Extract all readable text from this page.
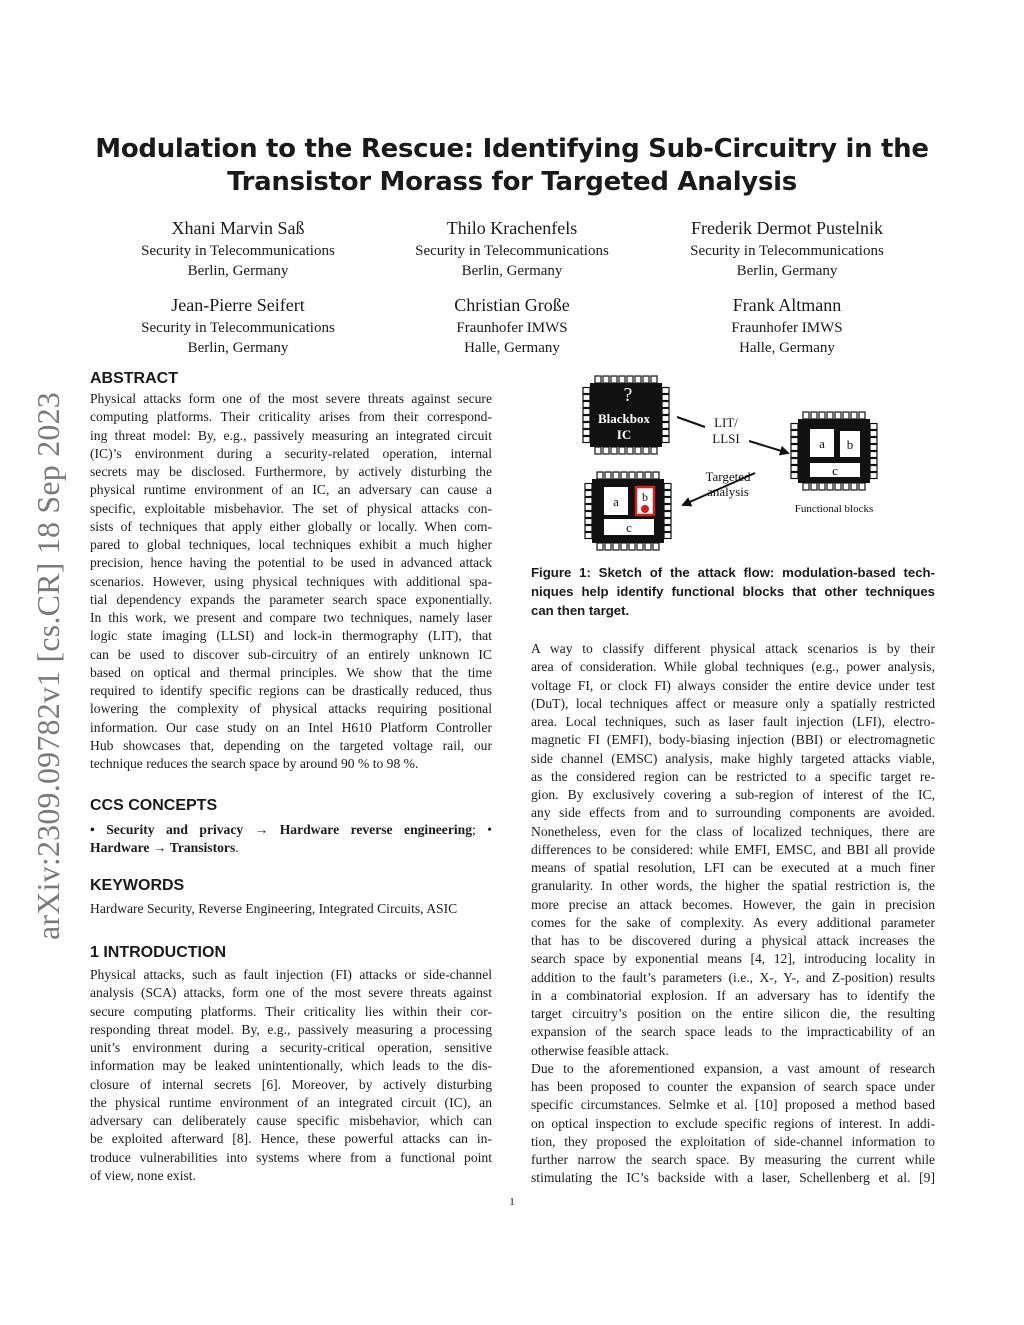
Modulation to the Rescue: Identifying Sub-Circuitry in the
Transistor Morass for Targeted Analysis
Xhani Marvin Saß
Security in Telecommunications
Berlin, Germany
Thilo Krachenfels
Security in Telecommunications
Berlin, Germany
Frederik Dermot Pustelnik
Security in Telecommunications
Berlin, Germany
Jean-Pierre Seifert
Security in Telecommunications
Berlin, Germany
Christian Große
Fraunhofer IMWS
Halle, Germany
Frank Altmann
Fraunhofer IMWS
Halle, Germany
arXiv:2309.09782v1 [cs.CR] 18 Sep 2023
ABSTRACT
Physical attacks form one of the most severe threats against secure
computing platforms. Their criticality arises from their correspond-
ing threat model: By, e.g., passively measuring an integrated circuit
(IC)’s environment during a security-related operation, internal
secrets may be disclosed. Furthermore, by actively disturbing the
physical runtime environment of an IC, an adversary can cause a
specific, exploitable misbehavior. The set of physical attacks con-
sists of techniques that apply either globally or locally. When com-
pared to global techniques, local techniques exhibit a much higher
precision, hence having the potential to be used in advanced attack
scenarios. However, using physical techniques with additional spa-
tial dependency expands the parameter search space exponentially.
In this work, we present and compare two techniques, namely laser
logic state imaging (LLSI) and lock-in thermography (LIT), that
can be used to discover sub-circuitry of an entirely unknown IC
based on optical and thermal principles. We show that the time
required to identify specific regions can be drastically reduced, thus
lowering the complexity of physical attacks requiring positional
information. Our case study on an Intel H610 Platform Controller
Hub showcases that, depending on the targeted voltage rail, our
technique reduces the search space by around 90 % to 98 %.
CCS CONCEPTS
• Security and privacy → Hardware reverse engineering; •
Hardware → Transistors.
KEYWORDS
Hardware Security, Reverse Engineering, Integrated Circuits, ASIC
1 INTRODUCTION
Physical attacks, such as fault injection (FI) attacks or side-channel
analysis (SCA) attacks, form one of the most severe threats against
secure computing platforms. Their criticality lies within their cor-
responding threat model. By, e.g., passively measuring a processing
unit’s environment during a security-critical operation, sensitive
information may be leaked unintentionally, which leads to the dis-
closure of internal secrets [6]. Moreover, by actively disturbing
the physical runtime environment of an integrated circuit (IC), an
adversary can deliberately cause specific misbehavior, which can
be exploited afterward [8]. Hence, these powerful attacks can in-
troduce vulnerabilities into systems where from a functional point
of view, none exist.
a b
c
a b
c
?
Blackbox
IC
LIT/
LLSI
Targeted
analysis
Functional blocks
Figure 1: Sketch of the attack flow: modulation-based tech-
niques help identify functional blocks that other techniques
can then target.
A way to classify different physical attack scenarios is by their
area of consideration. While global techniques (e.g., power analysis,
voltage FI, or clock FI) always consider the entire device under test
(DuT), local techniques affect or measure only a spatially restricted
area. Local techniques, such as laser fault injection (LFI), electro-
magnetic FI (EMFI), body-biasing injection (BBI) or electromagnetic
side channel (EMSC) analysis, make highly targeted attacks viable,
as the considered region can be restricted to a specific target re-
gion. By exclusively covering a sub-region of interest of the IC,
any side effects from and to surrounding components are avoided.
Nonetheless, even for the class of localized techniques, there are
differences to be considered: while EMFI, EMSC, and BBI all provide
means of spatial resolution, LFI can be executed at a much finer
granularity. In other words, the higher the spatial restriction is, the
more precise an attack becomes. However, the gain in precision
comes for the sake of complexity. As every additional parameter
that has to be discovered during a physical attack increases the
search space by exponential means [4, 12], introducing locality in
addition to the fault’s parameters (i.e., X-, Y-, and Z-position) results
in a combinatorial explosion. If an adversary has to identify the
target circuitry’s position on the entire silicon die, the resulting
expansion of the search space leads to the impracticability of an
otherwise feasible attack.
Due to the aforementioned expansion, a vast amount of research
has been proposed to counter the expansion of search space under
specific circumstances. Selmke et al. [10] proposed a method based
on optical inspection to exclude specific regions of interest. In addi-
tion, they proposed the exploitation of side-channel information to
further narrow the search space. By measuring the current while
stimulating the IC’s backside with a laser, Schellenberg et al. [9]
1
